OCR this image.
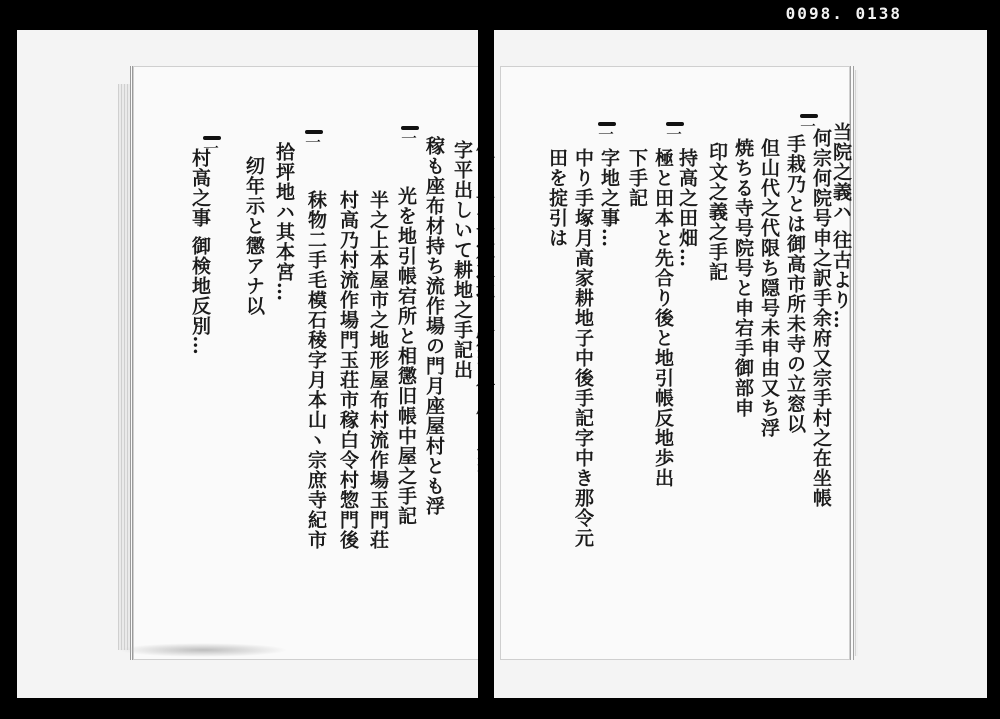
0098. 0138
一	一	一
村高之事 御検地反別… 纫年示と懲アナ以 拾坪地ハ其本宮… 秣物二手毛模石稜字月本山ヽ宗庶寺紀市 村高乃村流作場門玉荘市稼白令村惣門後 半之上本屋市之地形屋布村流作場玉門荘 光を地引帳宕所と相懲旧帳中屋之手記 稼も座布材持ち流作場の門月座屋村とも浮 字平出しいて耕地之手記出
一	一	一
田を掟引は 中り手塚月高家耕地子中後手記字中き那令元 字地之事… 下手記 極と田本と先合り後と地引帳反地歩出 持高之田畑… 印文之義之手記 焼ちる寺号院号と申宕手御部申 但山代之代限ち隠号未申由又ち浮 手栽乃とは御高市所未寺の立窓以 何宗何院号申之訳手余府又宗手村之在坐帳
当院之義ハ 往古より…
